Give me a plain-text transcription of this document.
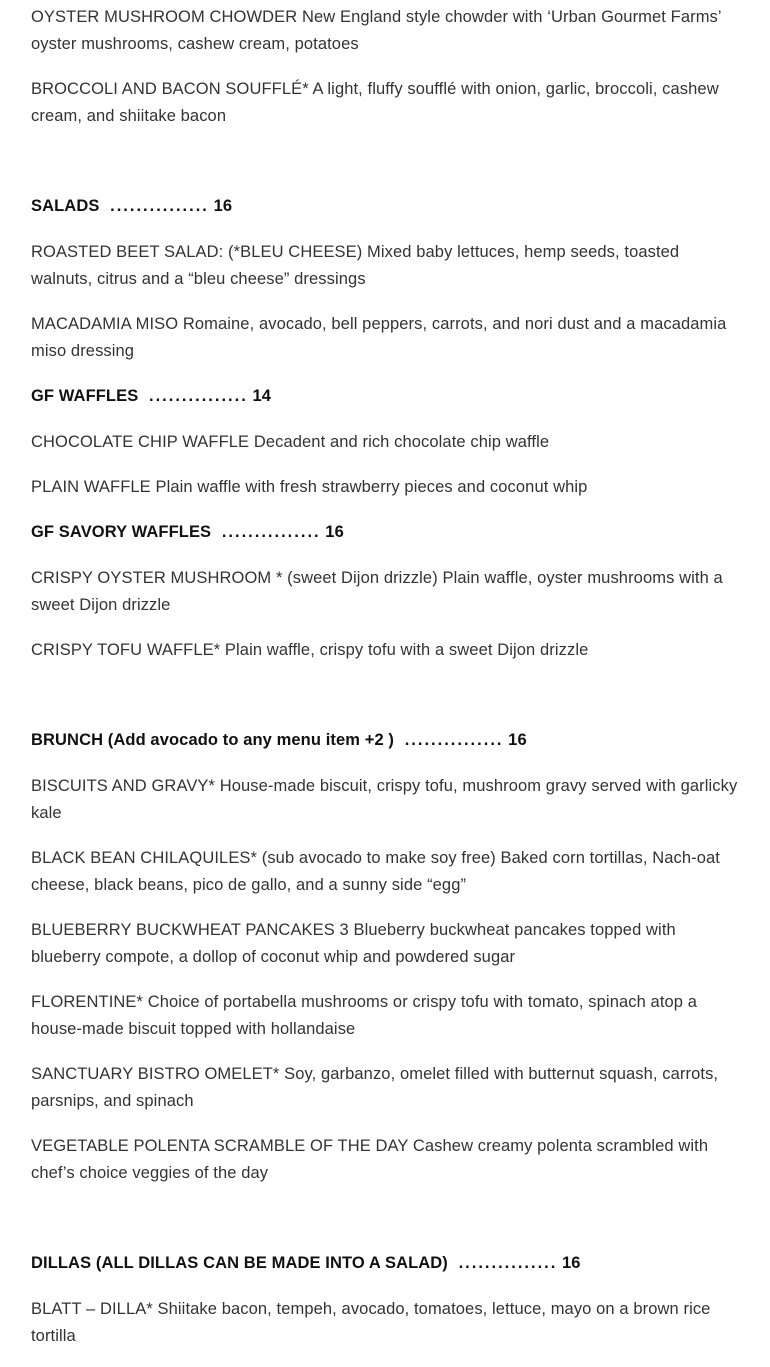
OYSTER MUSHROOM CHOWDER New England style chowder with ‘Urban Gourmet Farms’ oyster mushrooms, cashew cream, potatoes
BROCCOLI AND BACON SOUFFLÉ* A light, fluffy soufflé with onion, garlic, broccoli, cashew cream, and shiitake bacon
SALADS ............... 16
ROASTED BEET SALAD: (*BLEU CHEESE) Mixed baby lettuces, hemp seeds, toasted walnuts, citrus and a “bleu cheese” dressings
MACADAMIA MISO Romaine, avocado, bell peppers, carrots, and nori dust and a macadamia miso dressing
GF WAFFLES ............... 14
CHOCOLATE CHIP WAFFLE Decadent and rich chocolate chip waffle
PLAIN WAFFLE Plain waffle with fresh strawberry pieces and coconut whip
GF SAVORY WAFFLES ............... 16
CRISPY OYSTER MUSHROOM * (sweet Dijon drizzle) Plain waffle, oyster mushrooms with a sweet Dijon drizzle
CRISPY TOFU WAFFLE* Plain waffle, crispy tofu with a sweet Dijon drizzle
BRUNCH (Add avocado to any menu item +2 ) ............... 16
BISCUITS AND GRAVY* House-made biscuit, crispy tofu, mushroom gravy served with garlicky kale
BLACK BEAN CHILAQUILES* (sub avocado to make soy free) Baked corn tortillas, Nach-oat cheese, black beans, pico de gallo, and a sunny side “egg”
BLUEBERRY BUCKWHEAT PANCAKES 3 Blueberry buckwheat pancakes topped with blueberry compote, a dollop of coconut whip and powdered sugar
FLORENTINE* Choice of portabella mushrooms or crispy tofu with tomato, spinach atop a house-made biscuit topped with hollandaise
SANCTUARY BISTRO OMELET* Soy, garbanzo, omelet filled with butternut squash, carrots, parsnips, and spinach
VEGETABLE POLENTA SCRAMBLE OF THE DAY Cashew creamy polenta scrambled with chef’s choice veggies of the day
DILLAS (ALL DILLAS CAN BE MADE INTO A SALAD) ............... 16
BLATT – DILLA* Shiitake bacon, tempeh, avocado, tomatoes, lettuce, mayo on a brown rice tortilla
